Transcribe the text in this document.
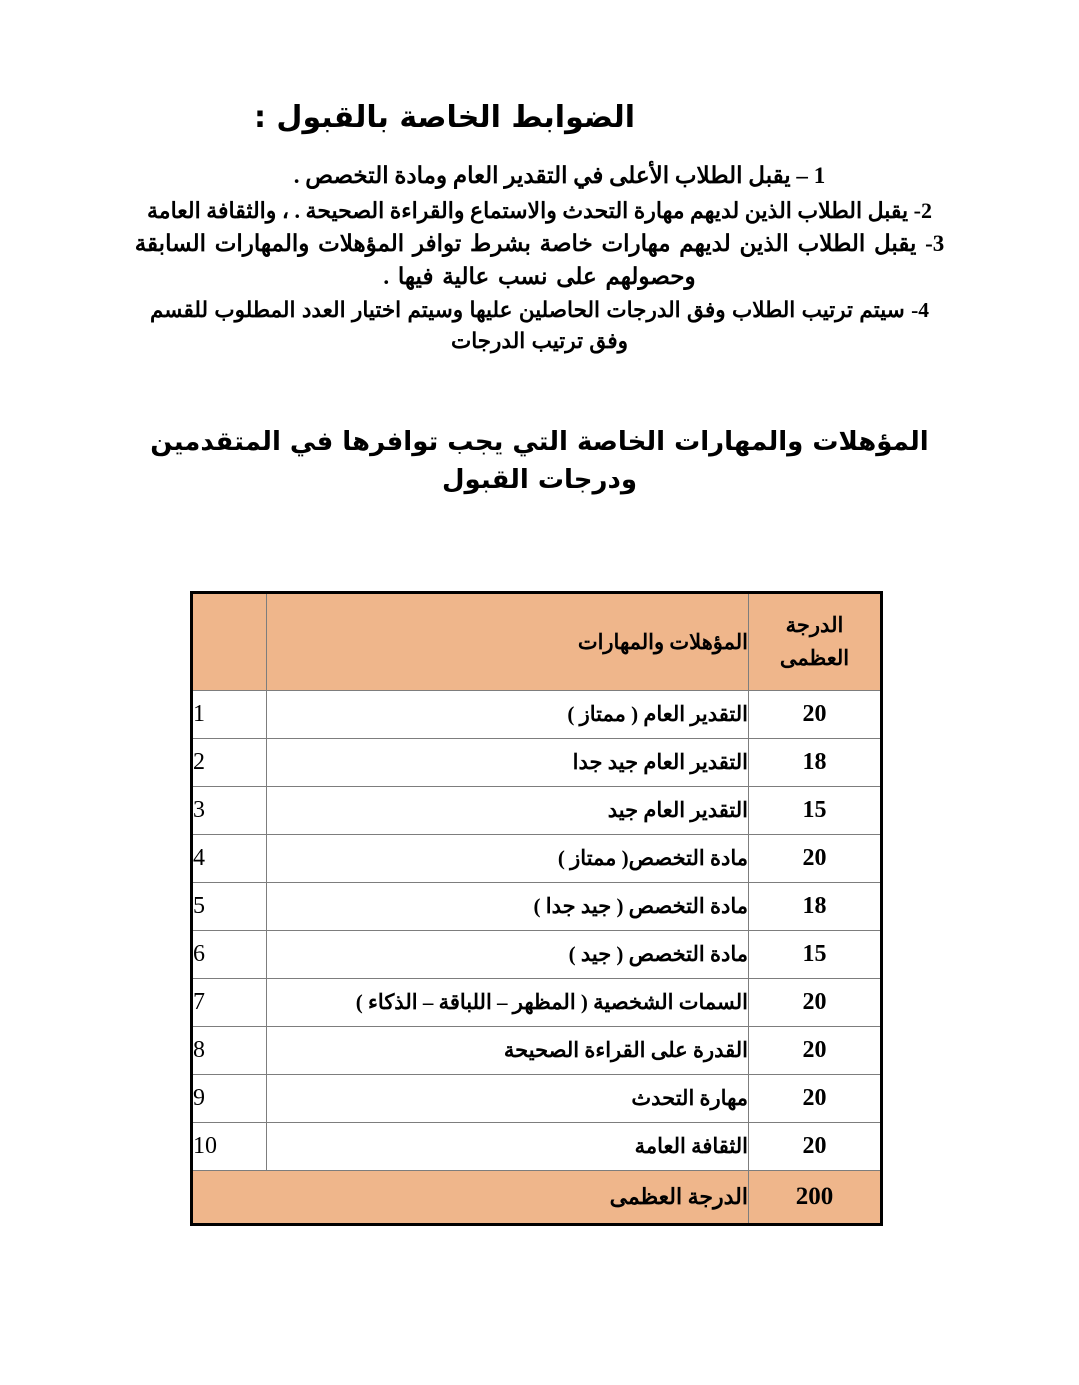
الضوابط الخاصة بالقبول :

1 – يقبل الطلاب الأعلى في التقدير العام ومادة التخصص .

2- يقبل الطلاب الذين لديهم مهارة التحدث والاستماع والقراءة الصحيحة . ، والثقافة العامة

3- يقبل الطلاب الذين لديهم مهارات خاصة بشرط توافر المؤهلات والمهارات السابقة
وحصولهم على نسب عالية فيها .

4- سيتم ترتيب الطلاب وفق الدرجات الحاصلين عليها وسيتم اختيار العدد المطلوب للقسم
وفق ترتيب الدرجات

المؤهلات والمهارات الخاصة التي يجب توافرها في المتقدمين
ودرجات القبول
الدرجة
العظمى	المؤهلات والمهارات	
20	التقدير العام ( ممتاز )	1
18	التقدير العام جيد جدا	2
15	التقدير العام جيد	3
20	مادة التخصص( ممتاز )	4
18	مادة التخصص ( جيد جدا )	5
15	مادة التخصص ( جيد )	6
20	السمات الشخصية ( المظهر – اللباقة – الذكاء )	7
20	القدرة على القراءة الصحيحة	8
20	مهارة التحدث	9
20	الثقافة العامة	10
200	الدرجة العظمى	
